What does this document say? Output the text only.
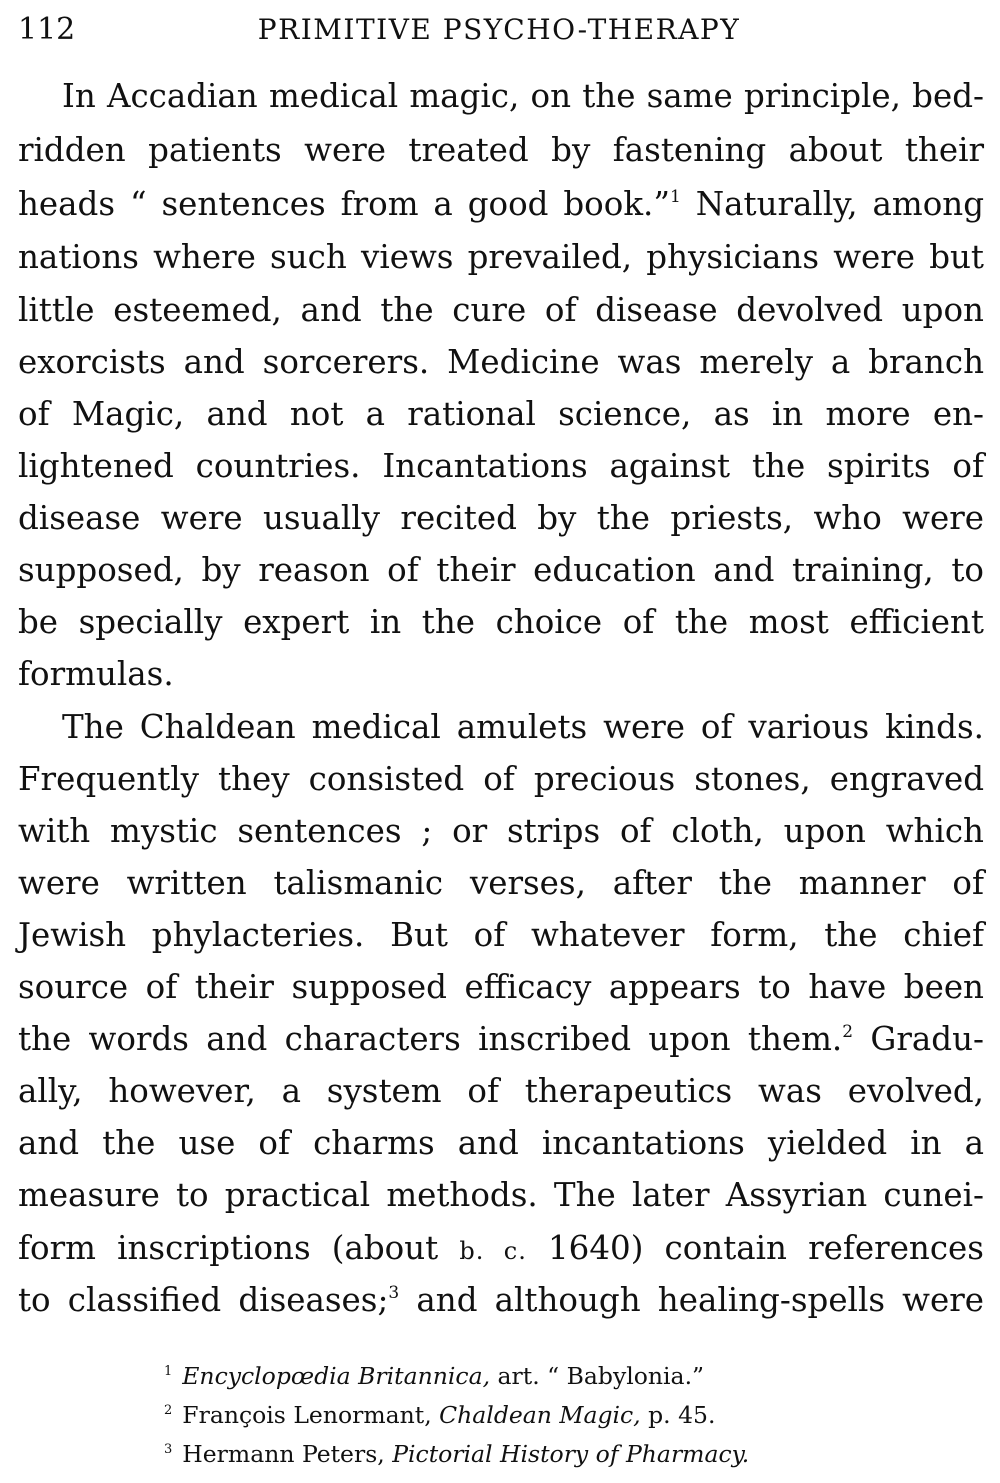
112	PRIMITIVE PSYCHO-THERAPY
In Accadian medical magic, on the same principle, bed-
ridden patients were treated by fastening about their
heads “ sentences from a good book.”$^1$ Naturally, among
nations where such views prevailed, physicians were but
little esteemed, and the cure of disease devolved upon
exorcists and sorcerers. Medicine was merely a branch
of Magic, and not a rational science, as in more en-
lightened countries. Incantations against the spirits of
disease were usually recited by the priests, who were
supposed, by reason of their education and training, to
be specially expert in the choice of the most efficient
formulas.
The Chaldean medical amulets were of various kinds.
Frequently they consisted of precious stones, engraved
with mystic sentences ; or strips of cloth, upon which
were written talismanic verses, after the manner of
Jewish phylacteries. But of whatever form, the chief
source of their supposed efficacy appears to have been
the words and characters inscribed upon them.$^2$ Gradu-
ally, however, a system of therapeutics was evolved,
and the use of charms and incantations yielded in a
measure to practical methods. The later Assyrian cunei-
form inscriptions (about b. c. 1640) contain references
to classified diseases;$^3$ and although healing-spells were
$^1$ Encyclopœdia Britannica, art. “ Babylonia.”
$^2$ François Lenormant, Chaldean Magic, p. 45.
$^3$ Hermann Peters, Pictorial History of Pharmacy.
